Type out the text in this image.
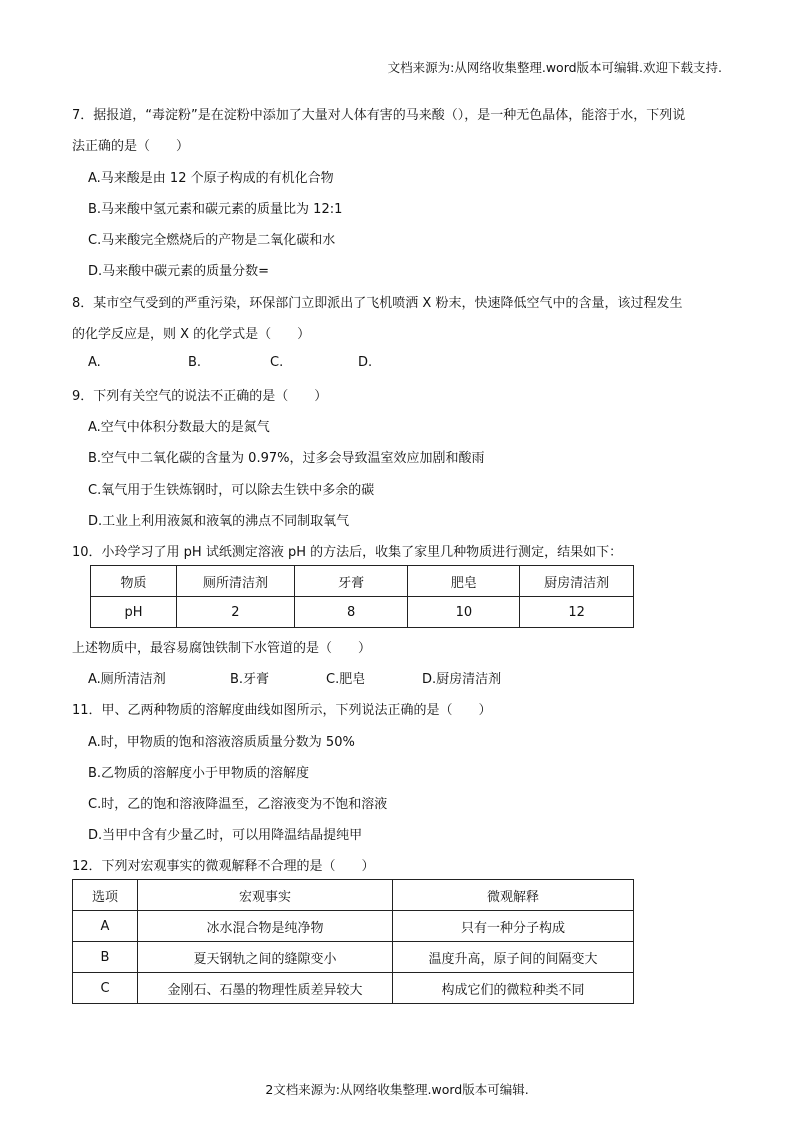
文档来源为:从网络收集整理.word版本可编辑.欢迎下载支持.
7．据报道，“毒淀粉”是在淀粉中添加了大量对人体有害的马来酸（），是一种无色晶体，能溶于水，下列说
法正确的是（　　）
A.马来酸是由 12 个原子构成的有机化合物
B.马来酸中氢元素和碳元素的质量比为 12:1
C.马来酸完全燃烧后的产物是二氧化碳和水
D.马来酸中碳元素的质量分数=
8．某市空气受到的严重污染，环保部门立即派出了飞机喷洒 X 粉末，快速降低空气中的含量，该过程发生
的化学反应是，则 X 的化学式是（　　）
A.	B.	C.	D.
9．下列有关空气的说法不正确的是（　　）
A.空气中体积分数最大的是氮气
B.空气中二氧化碳的含量为 0.97%，过多会导致温室效应加剧和酸雨
C.氧气用于生铁炼钢时，可以除去生铁中多余的碳
D.工业上利用液氮和液氧的沸点不同制取氧气
10．小玲学习了用 pH 试纸测定溶液 pH 的方法后，收集了家里几种物质进行测定，结果如下：
物质	厕所清洁剂	牙膏	肥皂	厨房清洁剂
pH	2	8	10	12
上述物质中，最容易腐蚀铁制下水管道的是（　　）
A.厕所清洁剂	B.牙膏	C.肥皂	D.厨房清洁剂
11．甲、乙两种物质的溶解度曲线如图所示，下列说法正确的是（　　）
A.时，甲物质的饱和溶液溶质质量分数为 50%
B.乙物质的溶解度小于甲物质的溶解度
C.时，乙的饱和溶液降温至，乙溶液变为不饱和溶液
D.当甲中含有少量乙时，可以用降温结晶提纯甲
12．下列对宏观事实的微观解释不合理的是（　　）
选项	宏观事实	微观解释
A	冰水混合物是纯净物	只有一种分子构成
B	夏天钢轨之间的缝隙变小	温度升高，原子间的间隔变大
C	金刚石、石墨的物理性质差异较大	构成它们的微粒种类不同
2文档来源为:从网络收集整理.word版本可编辑.
